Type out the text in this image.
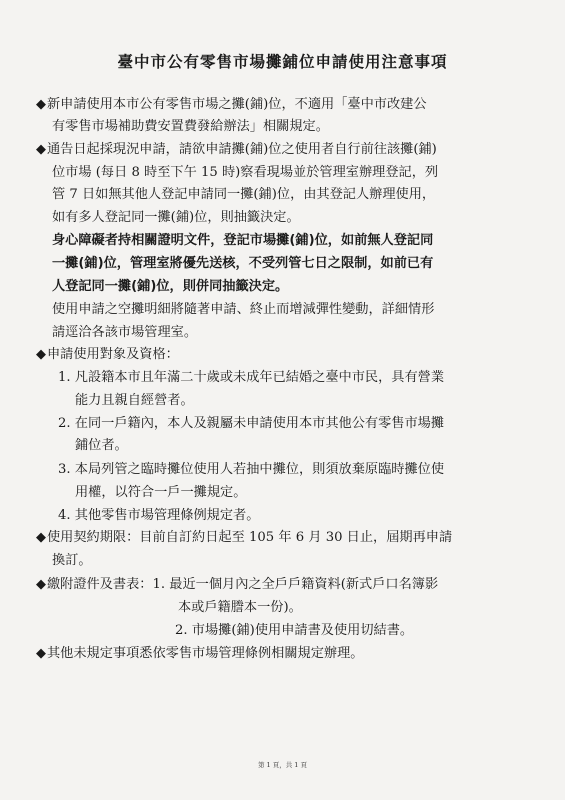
臺中市公有零售市場攤鋪位申請使用注意事項
◆新申請使用本市公有零售市場之攤(鋪)位，不適用「臺中市改建公
有零售市場補助費安置費發給辦法」相關規定。
◆通告日起採現況申請，請欲申請攤(鋪)位之使用者自行前往該攤(鋪)
位市場 (每日 8 時至下午 15 時)察看現場並於管理室辦理登記，列
管 7 日如無其他人登記申請同一攤(鋪)位，由其登記人辦理使用，
如有多人登記同一攤(鋪)位，則抽籤決定。
身心障礙者持相關證明文件，登記市場攤(鋪)位，如前無人登記同
一攤(鋪)位，管理室將優先送核，不受列管七日之限制，如前已有
人登記同一攤(鋪)位，則併同抽籤決定。
使用申請之空攤明細將隨著申請、終止而增減彈性變動，詳細情形
請逕洽各該市場管理室。
◆申請使用對象及資格：
1. 凡設籍本市且年滿二十歲或未成年已結婚之臺中市民，具有營業
能力且親自經營者。
2. 在同一戶籍內，本人及親屬未申請使用本市其他公有零售市場攤
鋪位者。
3. 本局列管之臨時攤位使用人若抽中攤位，則須放棄原臨時攤位使
用權，以符合一戶一攤規定。
4. 其他零售市場管理條例規定者。
◆使用契約期限：目前自訂約日起至 105 年 6 月 30 日止，屆期再申請
換訂。
◆繳附證件及書表：1. 最近一個月內之全戶戶籍資料(新式戶口名簿影
本或戶籍謄本一份)。
2. 市場攤(鋪)使用申請書及使用切結書。
◆其他未規定事項悉依零售市場管理條例相關規定辦理。
第 1 頁，共 1 頁
